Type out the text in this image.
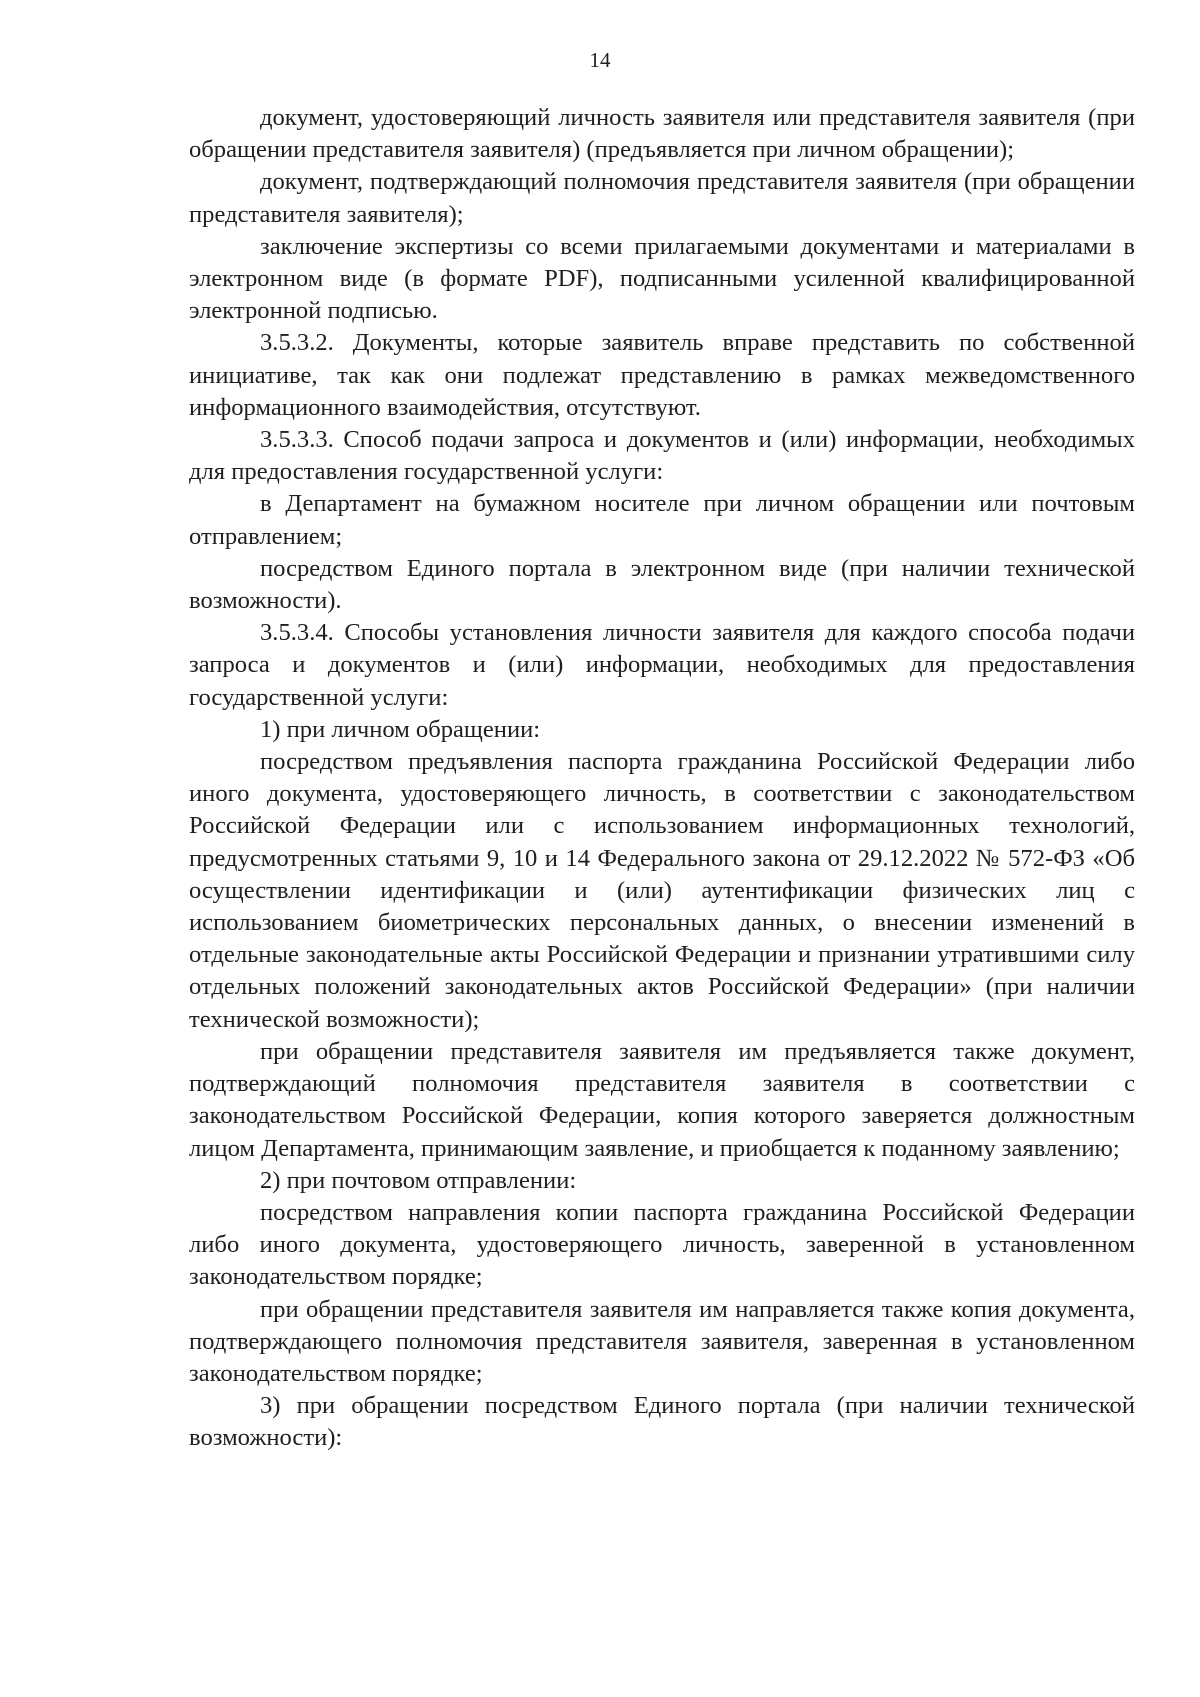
14

документ, удостоверяющий личность заявителя или представителя заявителя (при обращении представителя заявителя) (предъявляется при личном обращении);

документ, подтверждающий полномочия представителя заявителя (при обращении представителя заявителя);

заключение экспертизы со всеми прилагаемыми документами и материалами в электронном виде (в формате PDF), подписанными усиленной квалифицированной электронной подписью.

3.5.3.2. Документы, которые заявитель вправе представить по собственной инициативе, так как они подлежат представлению в рамках межведомственного информационного взаимодействия, отсутствуют.

3.5.3.3. Способ подачи запроса и документов и (или) информации, необходимых для предоставления государственной услуги:

в Департамент на бумажном носителе при личном обращении или почтовым отправлением;

посредством Единого портала в электронном виде (при наличии технической возможности).

3.5.3.4. Способы установления личности заявителя для каждого способа подачи запроса и документов и (или) информации, необходимых для предоставления государственной услуги:

1) при личном обращении:

посредством предъявления паспорта гражданина Российской Федерации либо иного документа, удостоверяющего личность, в соответствии с законодательством Российской Федерации или с использованием информационных технологий, предусмотренных статьями 9, 10 и 14 Федерального закона от 29.12.2022 № 572-ФЗ «Об осуществлении идентификации и (или) аутентификации физических лиц с использованием биометрических персональных данных, о внесении изменений в отдельные законодательные акты Российской Федерации и признании утратившими силу отдельных положений законодательных актов Российской Федерации» (при наличии технической возможности);

при обращении представителя заявителя им предъявляется также документ, подтверждающий полномочия представителя заявителя в соответствии с законодательством Российской Федерации, копия которого заверяется должностным лицом Департамента, принимающим заявление, и приобщается к поданному заявлению;

2) при почтовом отправлении:

посредством направления копии паспорта гражданина Российской Федерации либо иного документа, удостоверяющего личность, заверенной в установленном законодательством порядке;

при обращении представителя заявителя им направляется также копия документа, подтверждающего полномочия представителя заявителя, заверенная в установленном законодательством порядке;

3) при обращении посредством Единого портала (при наличии технической возможности):
